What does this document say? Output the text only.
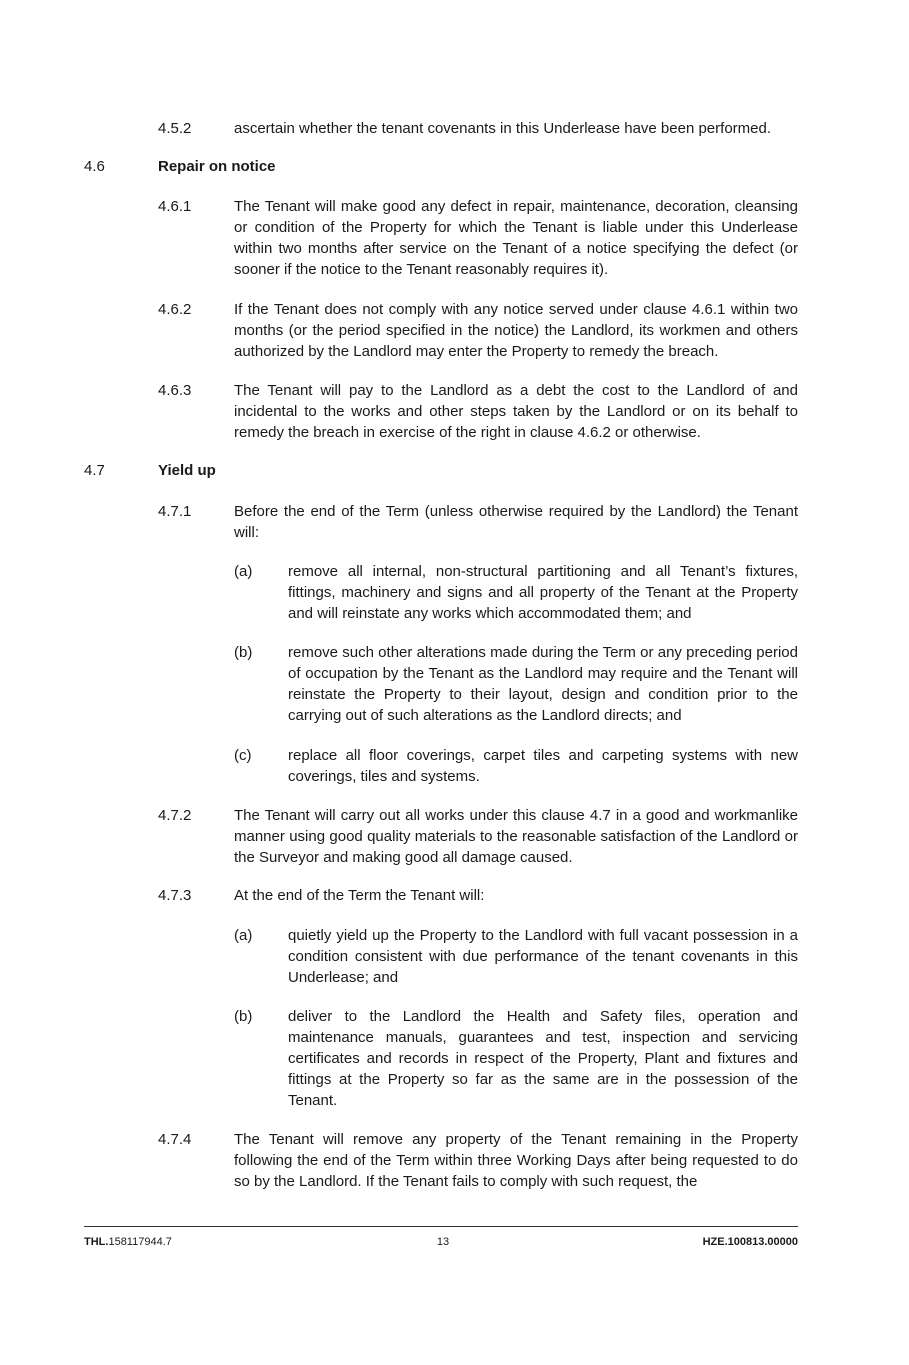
4.5.2	ascertain whether the tenant covenants in this Underlease have been performed.
4.6	Repair on notice
4.6.1	The Tenant will make good any defect in repair, maintenance, decoration, cleansing or condition of the Property for which the Tenant is liable under this Underlease within two months after service on the Tenant of a notice specifying the defect (or sooner if the notice to the Tenant reasonably requires it).
4.6.2	If the Tenant does not comply with any notice served under clause 4.6.1 within two months (or the period specified in the notice) the Landlord, its workmen and others authorized by the Landlord may enter the Property to remedy the breach.
4.6.3	The Tenant will pay to the Landlord as a debt the cost to the Landlord of and incidental to the works and other steps taken by the Landlord or on its behalf to remedy the breach in exercise of the right in clause 4.6.2 or otherwise.
4.7	Yield up
4.7.1	Before the end of the Term (unless otherwise required by the Landlord) the Tenant will:
(a) remove all internal, non-structural partitioning and all Tenant’s fixtures, fittings, machinery and signs and all property of the Tenant at the Property and will reinstate any works which accommodated them; and
(b) remove such other alterations made during the Term or any preceding period of occupation by the Tenant as the Landlord may require and the Tenant will reinstate the Property to their layout, design and condition prior to the carrying out of such alterations as the Landlord directs; and
(c) replace all floor coverings, carpet tiles and carpeting systems with new coverings, tiles and systems.
4.7.2	The Tenant will carry out all works under this clause 4.7 in a good and workmanlike manner using good quality materials to the reasonable satisfaction of the Landlord or the Surveyor and making good all damage caused.
4.7.3	At the end of the Term the Tenant will:
(a) quietly yield up the Property to the Landlord with full vacant possession in a condition consistent with due performance of the tenant covenants in this Underlease; and
(b) deliver to the Landlord the Health and Safety files, operation and maintenance manuals, guarantees and test, inspection and servicing certificates and records in respect of the Property, Plant and fixtures and fittings at the Property so far as the same are in the possession of the Tenant.
4.7.4	The Tenant will remove any property of the Tenant remaining in the Property following the end of the Term within three Working Days after being requested to do so by the Landlord. If the Tenant fails to comply with such request, the
THL.158117944.7	13	HZE.100813.00000
